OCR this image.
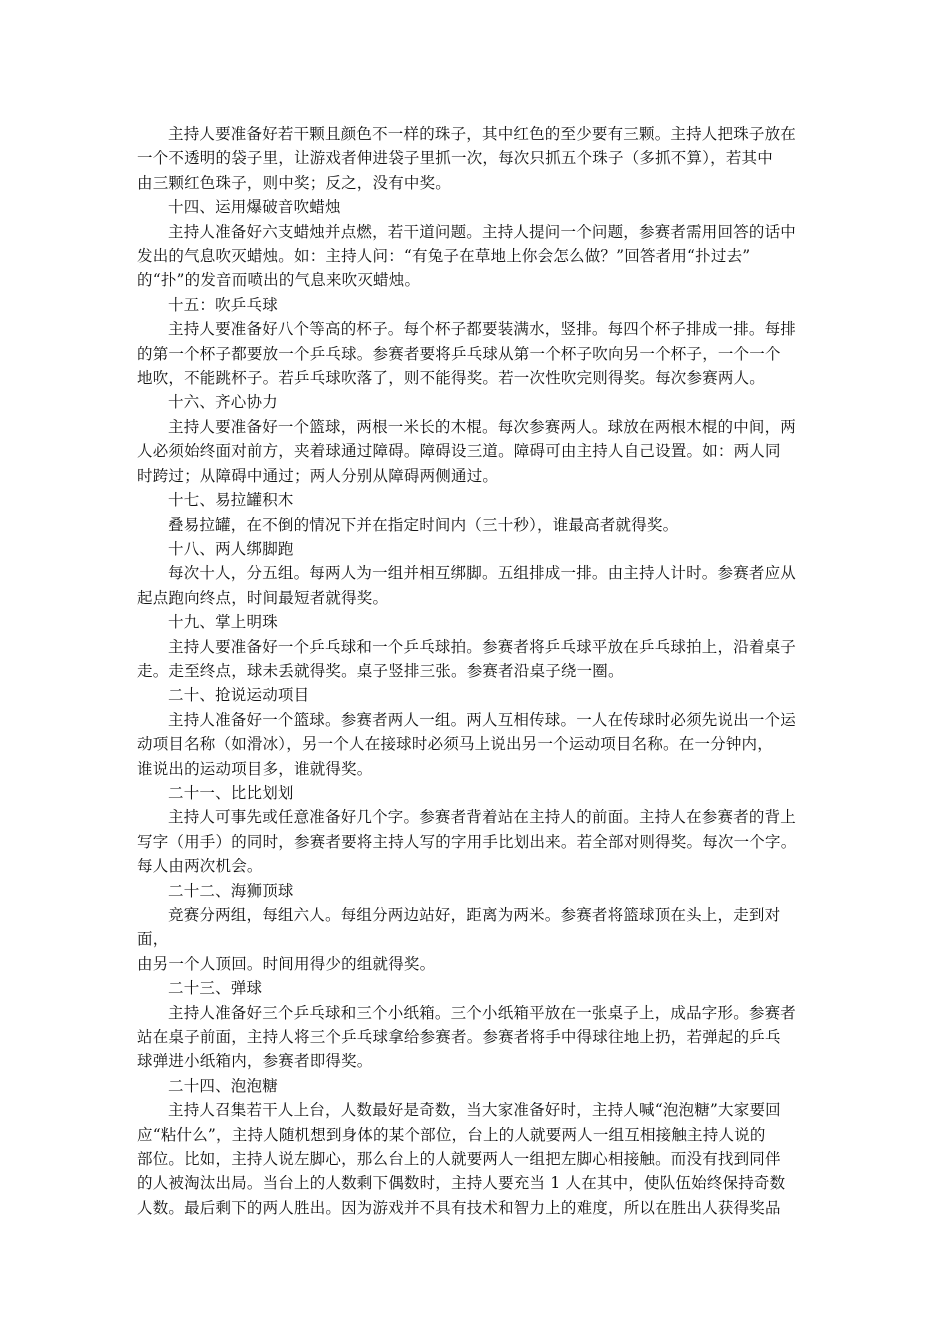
主持人要准备好若干颗且颜色不一样的珠子，其中红色的至少要有三颗。主持人把珠子放在
一个不透明的袋子里，让游戏者伸进袋子里抓一次，每次只抓五个珠子（多抓不算），若其中
由三颗红色珠子，则中奖；反之，没有中奖。

十四、运用爆破音吹蜡烛

主持人准备好六支蜡烛并点燃，若干道问题。主持人提问一个问题，参赛者需用回答的话中
发出的气息吹灭蜡烛。如：主持人问：“有兔子在草地上你会怎么做？”回答者用“扑过去”
的“扑”的发音而喷出的气息来吹灭蜡烛。

十五：吹乒乓球

主持人要准备好八个等高的杯子。每个杯子都要装满水，竖排。每四个杯子排成一排。每排
的第一个杯子都要放一个乒乓球。参赛者要将乒乓球从第一个杯子吹向另一个杯子，一个一个
地吹，不能跳杯子。若乒乓球吹落了，则不能得奖。若一次性吹完则得奖。每次参赛两人。

十六、齐心协力

主持人要准备好一个篮球，两根一米长的木棍。每次参赛两人。球放在两根木棍的中间，两
人必须始终面对前方，夹着球通过障碍。障碍设三道。障碍可由主持人自己设置。如：两人同
时跨过；从障碍中通过；两人分别从障碍两侧通过。

十七、易拉罐积木

叠易拉罐，在不倒的情况下并在指定时间内（三十秒），谁最高者就得奖。

十八、两人绑脚跑

每次十人，分五组。每两人为一组并相互绑脚。五组排成一排。由主持人计时。参赛者应从
起点跑向终点，时间最短者就得奖。

十九、掌上明珠

主持人要准备好一个乒乓球和一个乒乓球拍。参赛者将乒乓球平放在乒乓球拍上，沿着桌子
走。走至终点，球未丢就得奖。桌子竖排三张。参赛者沿桌子绕一圈。

二十、抢说运动项目

主持人准备好一个篮球。参赛者两人一组。两人互相传球。一人在传球时必须先说出一个运
动项目名称（如滑冰），另一个人在接球时必须马上说出另一个运动项目名称。在一分钟内，
谁说出的运动项目多，谁就得奖。

二十一、比比划划

主持人可事先或任意准备好几个字。参赛者背着站在主持人的前面。主持人在参赛者的背上
写字（用手）的同时，参赛者要将主持人写的字用手比划出来。若全部对则得奖。每次一个字。
每人由两次机会。

二十二、海狮顶球

竞赛分两组，每组六人。每组分两边站好，距离为两米。参赛者将篮球顶在头上，走到对面，
由另一个人顶回。时间用得少的组就得奖。

二十三、弹球

主持人准备好三个乒乓球和三个小纸箱。三个小纸箱平放在一张桌子上，成品字形。参赛者
站在桌子前面，主持人将三个乒乓球拿给参赛者。参赛者将手中得球往地上扔，若弹起的乒乓
球弹进小纸箱内，参赛者即得奖。

二十四、泡泡糖

主持人召集若干人上台，人数最好是奇数，当大家准备好时，主持人喊“泡泡糖”大家要回
应“粘什么”，主持人随机想到身体的某个部位，台上的人就要两人一组互相接触主持人说的
部位。比如，主持人说左脚心，那么台上的人就要两人一组把左脚心相接触。而没有找到同伴
的人被淘汰出局。当台上的人数剩下偶数时，主持人要充当 1 人在其中，使队伍始终保持奇数
人数。最后剩下的两人胜出。因为游戏并不具有技术和智力上的难度，所以在胜出人获得奖品
